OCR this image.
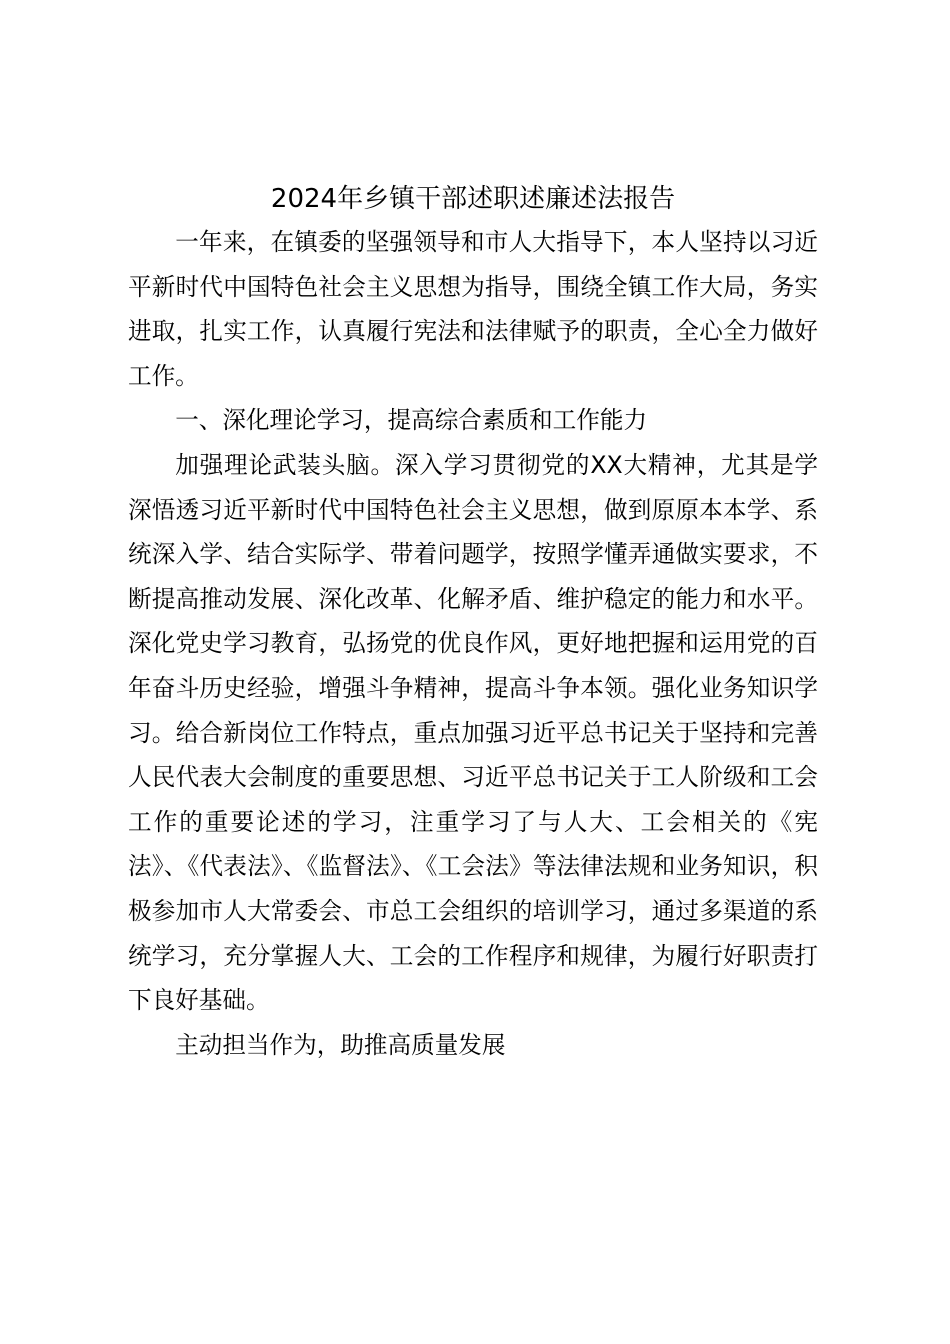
2024年乡镇干部述职述廉述法报告

一年来，在镇委的坚强领导和市人大指导下，本人坚持以习近平新时代中国特色社会主义思想为指导，围绕全镇工作大局，务实进取，扎实工作，认真履行宪法和法律赋予的职责，全心全力做好工作。

一、深化理论学习，提高综合素质和工作能力

加强理论武装头脑。深入学习贯彻党的XX大精神，尤其是学深悟透习近平新时代中国特色社会主义思想，做到原原本本学、系统深入学、结合实际学、带着问题学，按照学懂弄通做实要求，不断提高推动发展、深化改革、化解矛盾、维护稳定的能力和水平。深化党史学习教育，弘扬党的优良作风，更好地把握和运用党的百年奋斗历史经验，增强斗争精神，提高斗争本领。强化业务知识学习。给合新岗位工作特点，重点加强习近平总书记关于坚持和完善人民代表大会制度的重要思想、习近平总书记关于工人阶级和工会工作的重要论述的学习，注重学习了与人大、工会相关的《宪法》、《代表法》、《监督法》、《工会法》等法律法规和业务知识，积极参加市人大常委会、市总工会组织的培训学习，通过多渠道的系统学习，充分掌握人大、工会的工作程序和规律，为履行好职责打下良好基础。

主动担当作为，助推高质量发展
